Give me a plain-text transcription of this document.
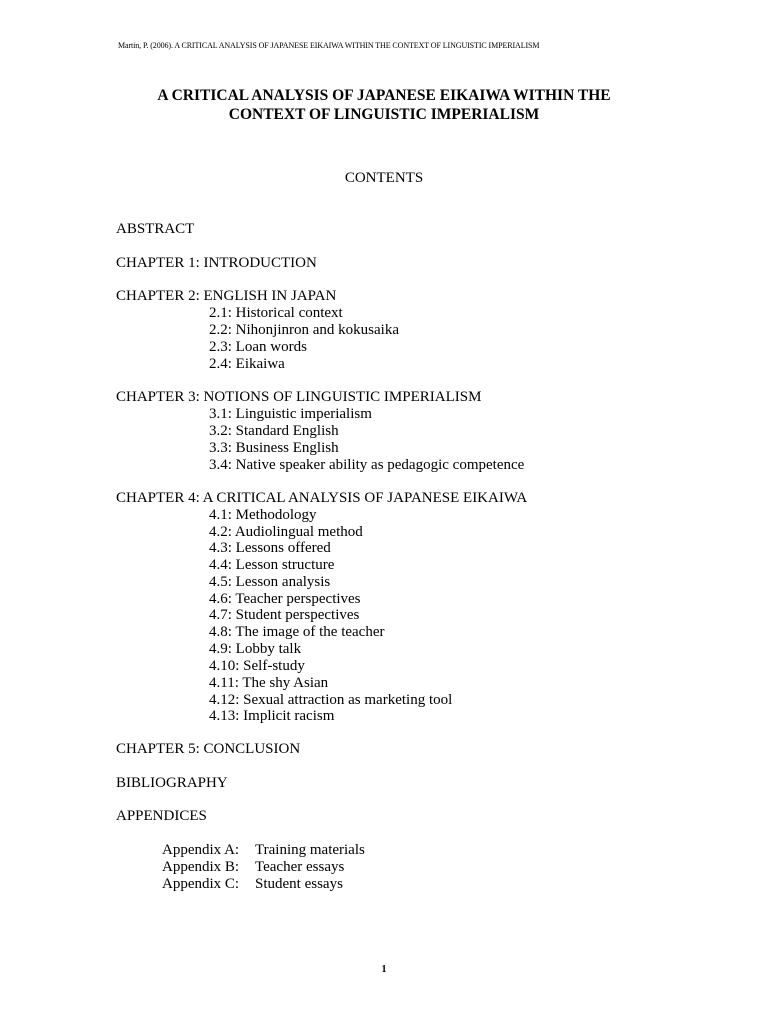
Martin, P. (2006). A CRITICAL ANALYSIS OF JAPANESE EIKAIWA WITHIN THE CONTEXT OF LINGUISTIC IMPERIALISM
A CRITICAL ANALYSIS OF JAPANESE EIKAIWA WITHIN THE
CONTEXT OF LINGUISTIC IMPERIALISM
CONTENTS
ABSTRACT
CHAPTER 1: INTRODUCTION
CHAPTER 2: ENGLISH IN JAPAN
2.1: Historical context
2.2: Nihonjinron and kokusaika
2.3: Loan words
2.4: Eikaiwa
CHAPTER 3: NOTIONS OF LINGUISTIC IMPERIALISM
3.1: Linguistic imperialism
3.2: Standard English
3.3: Business English
3.4: Native speaker ability as pedagogic competence
CHAPTER 4: A CRITICAL ANALYSIS OF JAPANESE EIKAIWA
4.1: Methodology
4.2: Audiolingual method
4.3: Lessons offered
4.4: Lesson structure
4.5: Lesson analysis
4.6: Teacher perspectives
4.7: Student perspectives
4.8: The image of the teacher
4.9: Lobby talk
4.10: Self-study
4.11: The shy Asian
4.12: Sexual attraction as marketing tool
4.13: Implicit racism
CHAPTER 5: CONCLUSION
BIBLIOGRAPHY
APPENDICES
Appendix A: Training materials
Appendix B: Teacher essays
Appendix C: Student essays
1
